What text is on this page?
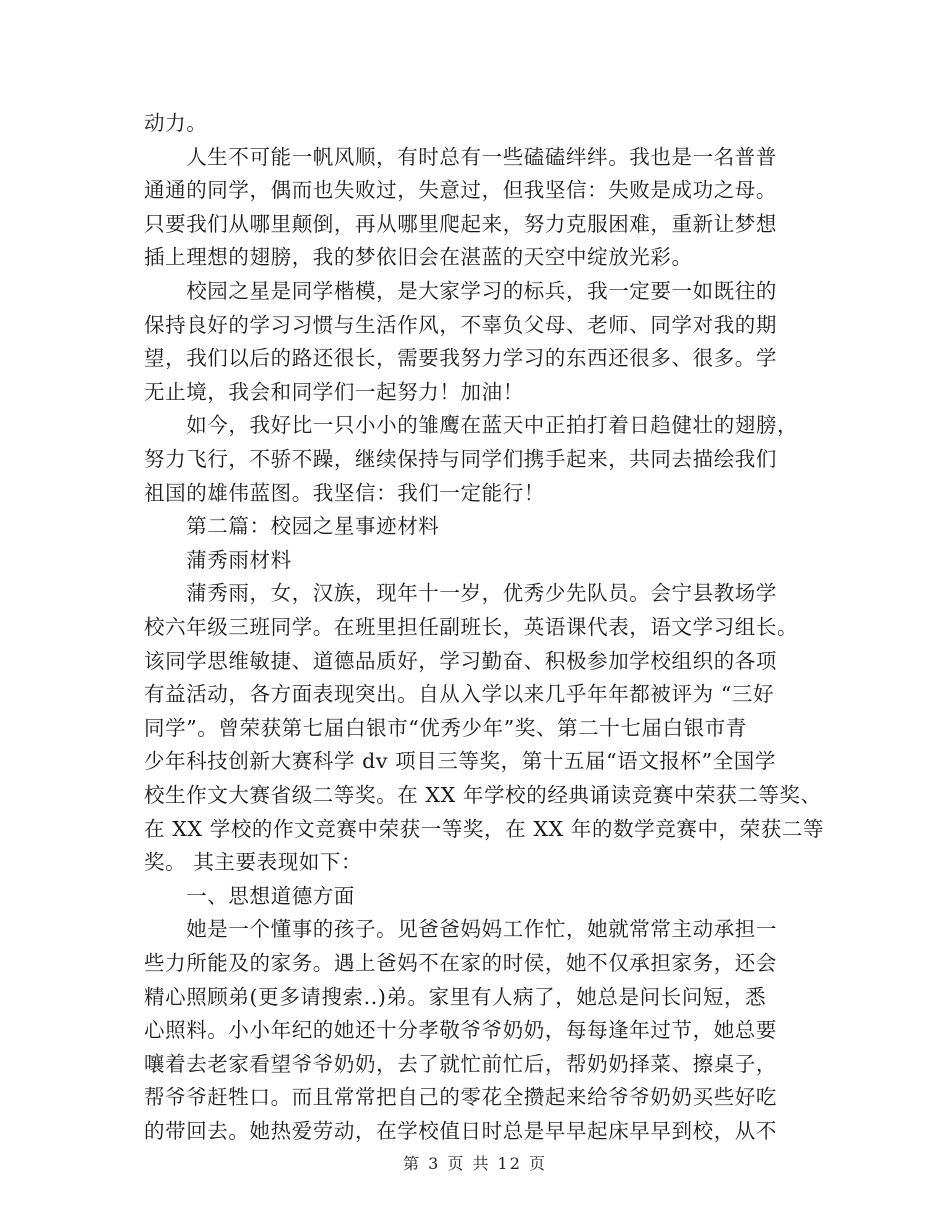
动力。
　　人生不可能一帆风顺，有时总有一些磕磕绊绊。我也是一名普普
通通的同学，偶而也失败过，失意过，但我坚信：失败是成功之母。
只要我们从哪里颠倒，再从哪里爬起来，努力克服困难，重新让梦想
插上理想的翅膀，我的梦依旧会在湛蓝的天空中绽放光彩。
　　校园之星是同学楷模，是大家学习的标兵，我一定要一如既往的
保持良好的学习习惯与生活作风，不辜负父母、老师、同学对我的期
望，我们以后的路还很长，需要我努力学习的东西还很多、很多。学
无止境，我会和同学们一起努力！加油！
　　如今，我好比一只小小的雏鹰在蓝天中正拍打着日趋健壮的翅膀，
努力飞行，不骄不躁，继续保持与同学们携手起来，共同去描绘我们
祖国的雄伟蓝图。我坚信：我们一定能行！
　　第二篇：校园之星事迹材料
　　蒲秀雨材料
　　蒲秀雨，女，汉族，现年十一岁，优秀少先队员。会宁县教场学
校六年级三班同学。在班里担任副班长，英语课代表，语文学习组长。
该同学思维敏捷、道德品质好，学习勤奋、积极参加学校组织的各项
有益活动，各方面表现突出。自从入学以来几乎年年都被评为 “三好
同学”。曾荣获第七届白银市“优秀少年”奖、第二十七届白银市青
少年科技创新大赛科学 dv 项目三等奖，第十五届“语文报杯”全国学
校生作文大赛省级二等奖。在 XX 年学校的经典诵读竞赛中荣获二等奖、
在 XX 学校的作文竞赛中荣获一等奖，在 XX 年的数学竞赛中，荣获二等
奖。 其主要表现如下：
　　一、思想道德方面
　　她是一个懂事的孩子。见爸爸妈妈工作忙，她就常常主动承担一
些力所能及的家务。遇上爸妈不在家的时侯，她不仅承担家务，还会
精心照顾弟(更多请搜索..)弟。家里有人病了，她总是问长问短，悉
心照料。小小年纪的她还十分孝敬爷爷奶奶，每每逢年过节，她总要
嚷着去老家看望爷爷奶奶，去了就忙前忙后，帮奶奶择菜、擦桌子，
帮爷爷赶牲口。而且常常把自己的零花全攒起来给爷爷奶奶买些好吃
的带回去。她热爱劳动，在学校值日时总是早早起床早早到校，从不
第 3 页 共 12 页
